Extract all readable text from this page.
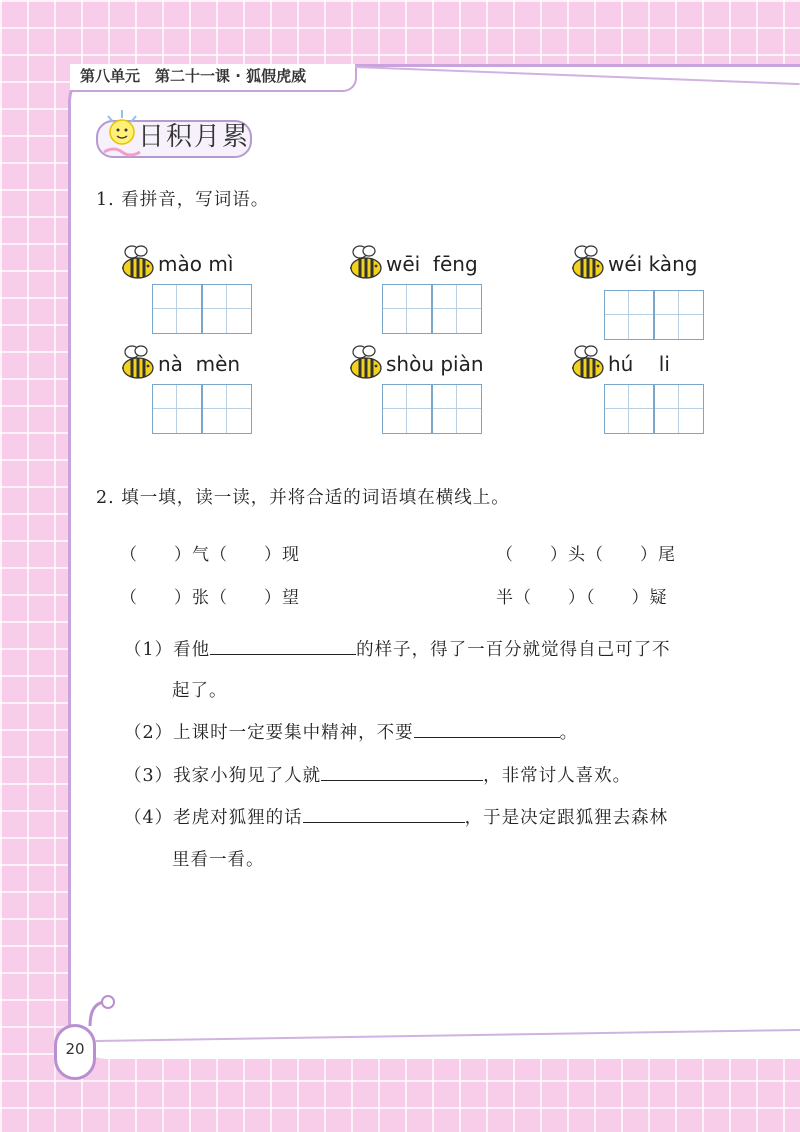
第八单元　第二十一课 · 狐假虎威
日积月累
1. 看拼音，写词语。
mào mì	wēi  fēng	wéi kàng
nà  mèn	shòu piàn	hú    li
2. 填一填，读一读，并将合适的词语填在横线上。
（　　）气（　　）现	（　　）头（　　）尾
（　　）张（　　）望	半（　　）（　　）疑
（1）看他	的样子，得了一百分就觉得自己可了不
起了。
（2）上课时一定要集中精神，不要	。
（3）我家小狗见了人就	，非常讨人喜欢。
（4）老虎对狐狸的话	，于是决定跟狐狸去森林
里看一看。
20
